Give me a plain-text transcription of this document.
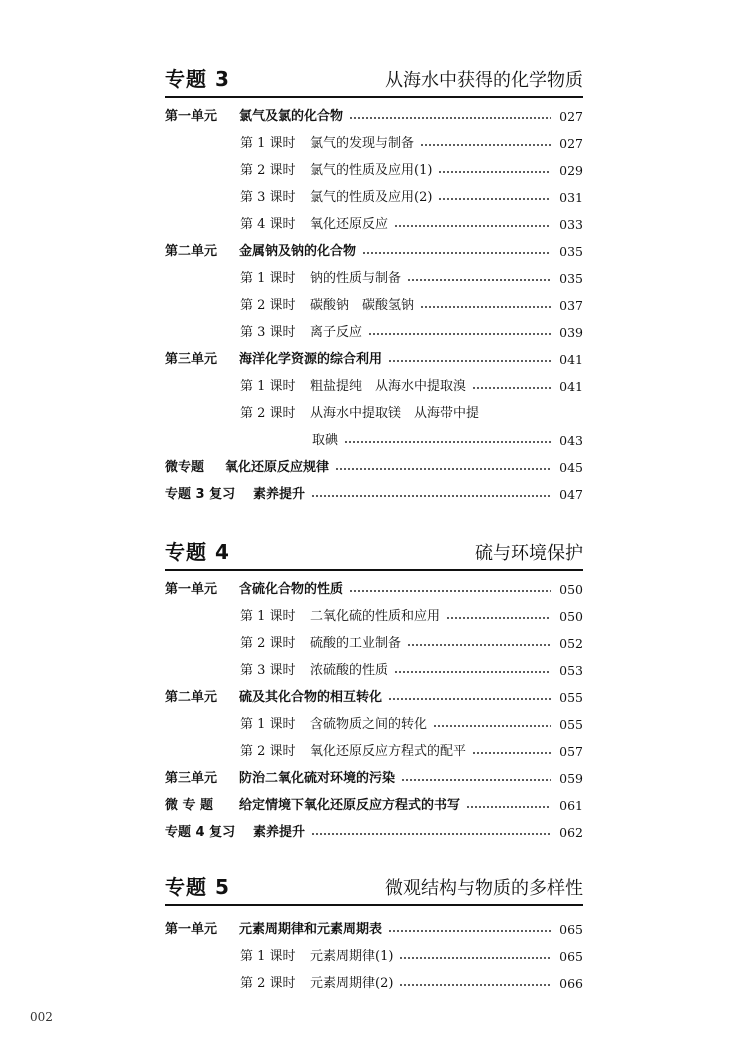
专题 3	从海水中获得的化学物质
第一单元	氯气及氯的化合物	027
第 1 课时	氯气的发现与制备	027
第 2 课时	氯气的性质及应用(1)	029
第 3 课时	氯气的性质及应用(2)	031
第 4 课时	氧化还原反应	033
第二单元	金属钠及钠的化合物	035
第 1 课时	钠的性质与制备	035
第 2 课时	碳酸钠　碳酸氢钠	037
第 3 课时	离子反应	039
第三单元	海洋化学资源的综合利用	041
第 1 课时	粗盐提纯　从海水中提取溴	041
第 2 课时	从海水中提取镁　从海带中提
取碘	043
微专题	氧化还原反应规律	045
专题 3 复习	素养提升	047
专题 4	硫与环境保护
第一单元	含硫化合物的性质	050
第 1 课时	二氧化硫的性质和应用	050
第 2 课时	硫酸的工业制备	052
第 3 课时	浓硫酸的性质	053
第二单元	硫及其化合物的相互转化	055
第 1 课时	含硫物质之间的转化	055
第 2 课时	氧化还原反应方程式的配平	057
第三单元	防治二氧化硫对环境的污染	059
微 专 题	给定情境下氧化还原反应方程式的书写	061
专题 4 复习	素养提升	062
专题 5	微观结构与物质的多样性
第一单元	元素周期律和元素周期表	065
第 1 课时	元素周期律(1)	065
第 2 课时	元素周期律(2)	066
002
